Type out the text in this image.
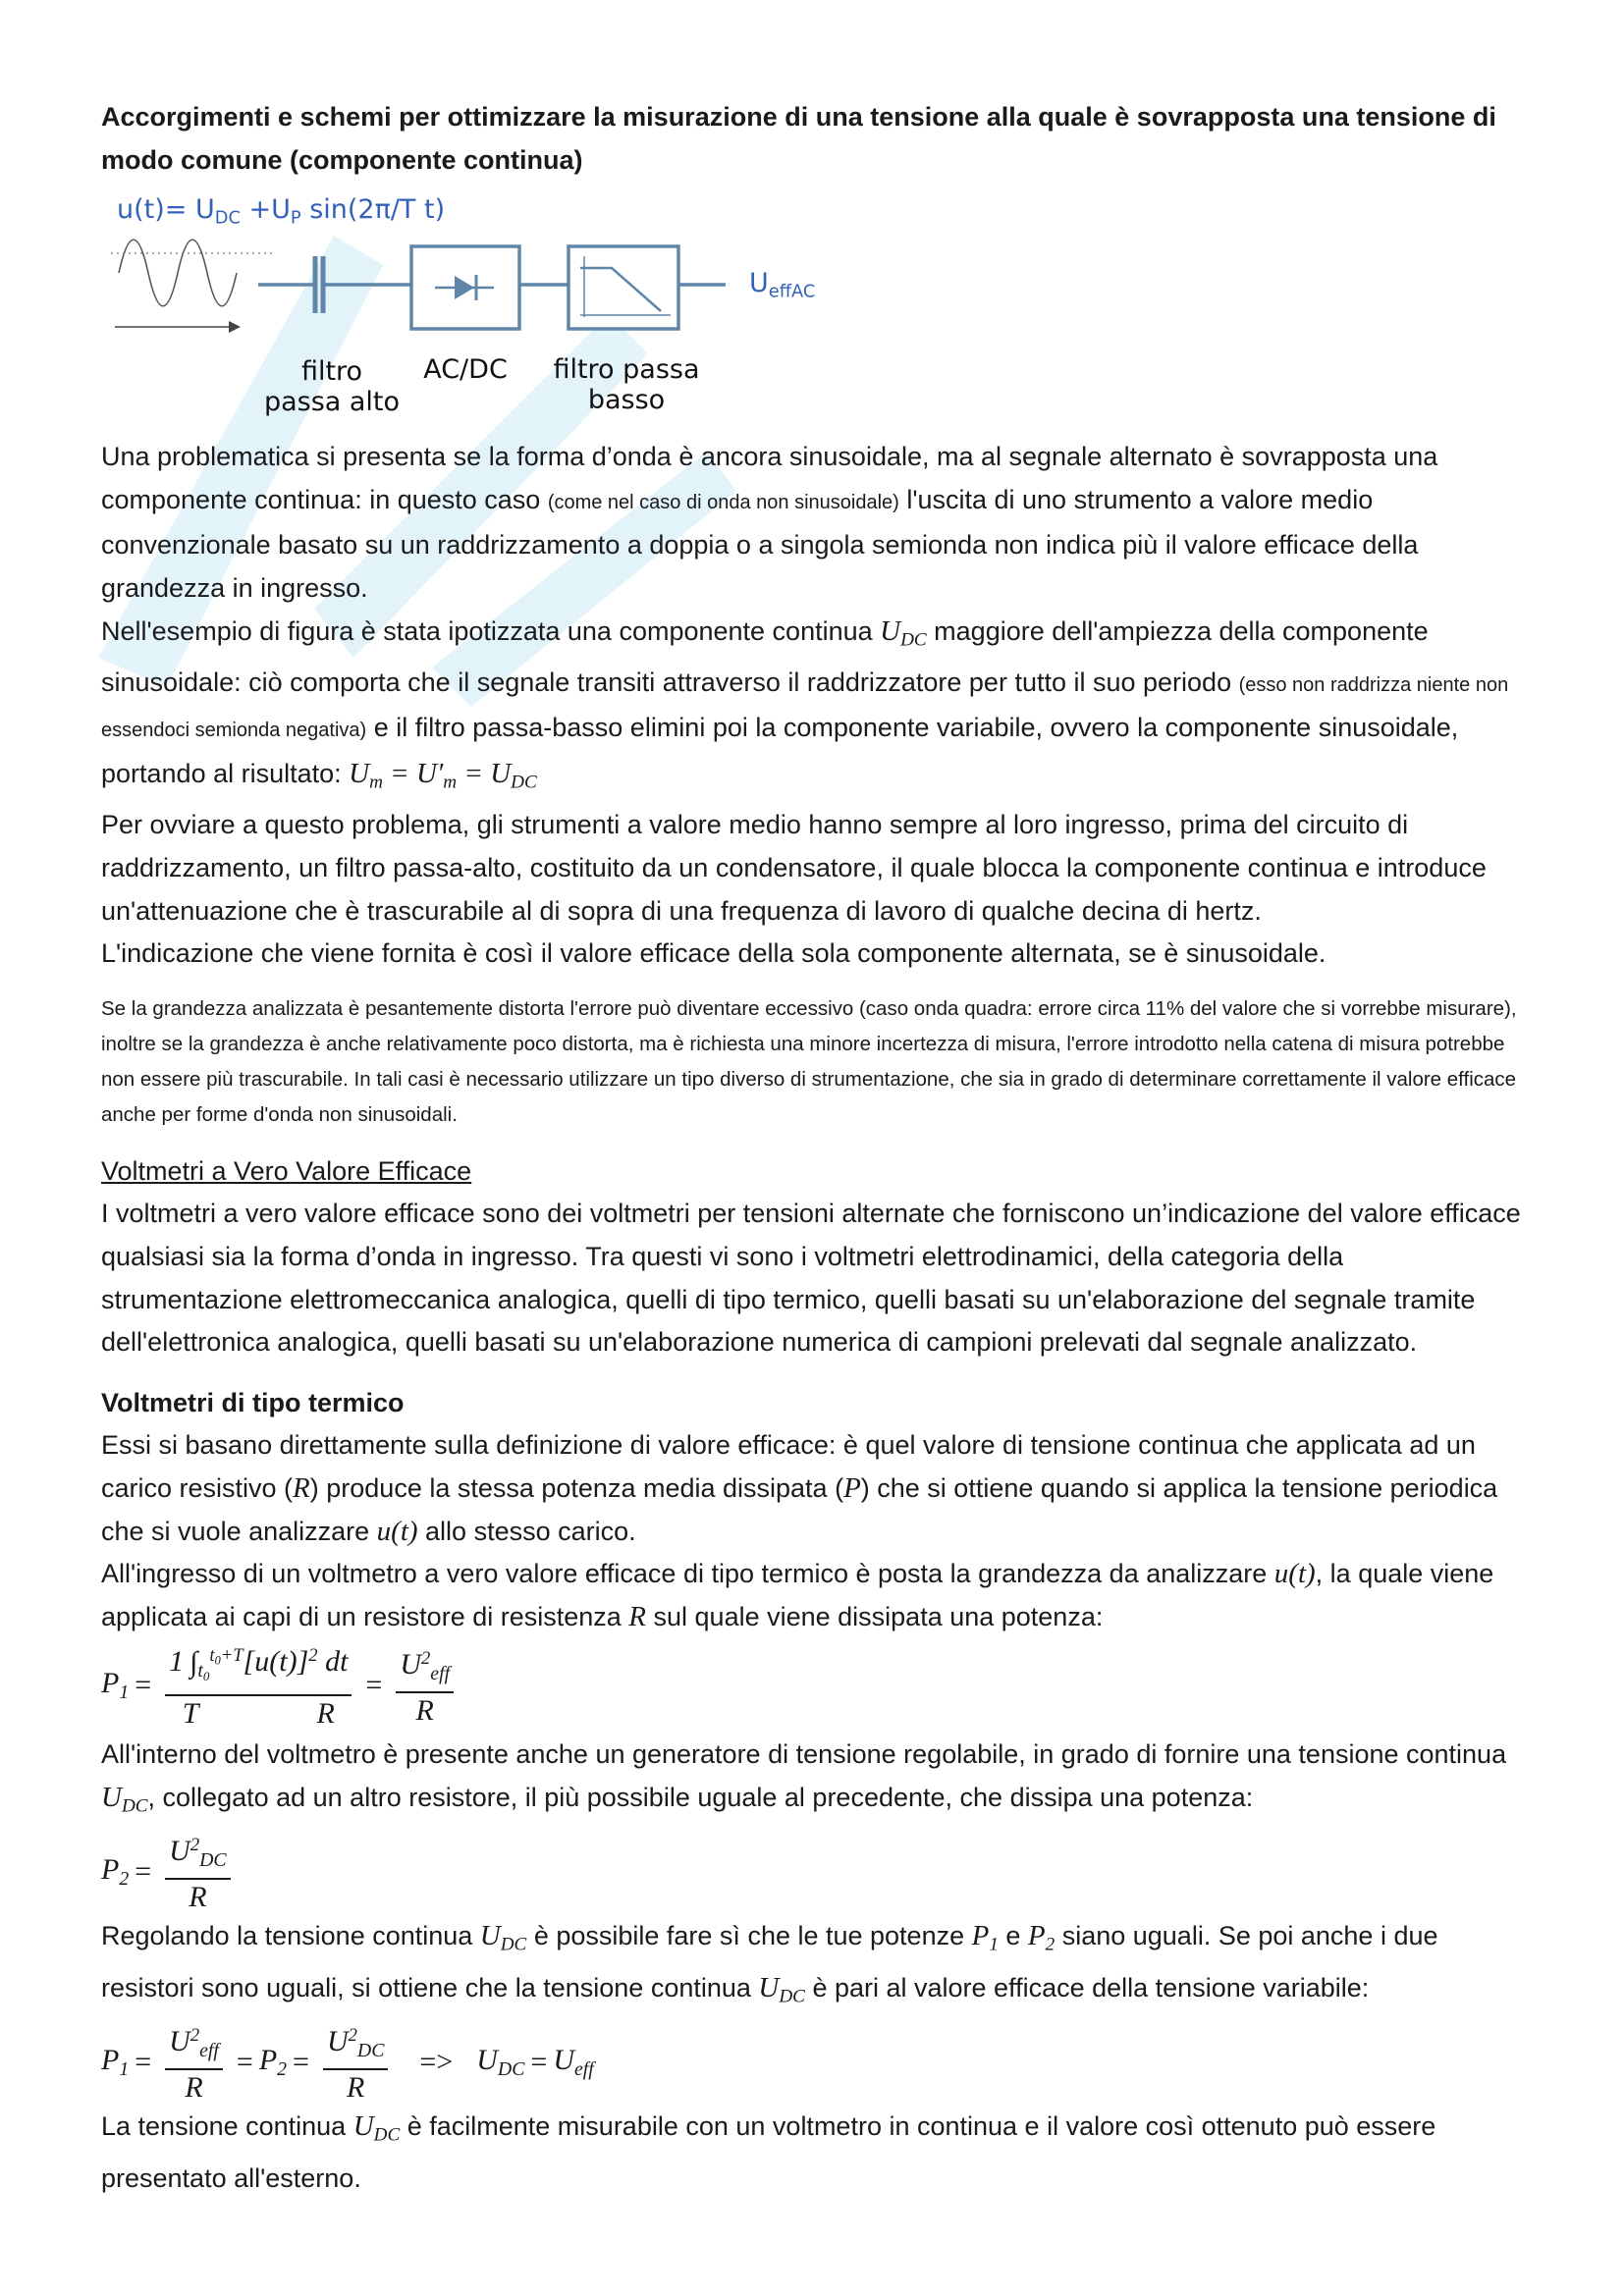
Accorgimenti e schemi per ottimizzare la misurazione di una tensione alla quale è sovrapposta una tensione di modo comune (componente continua)

$u(t)= U_{DC} +U_P$ sin(2π/T t)
$U_{effAC}$
filtro
passa alto
AC/DC	filtro passa
basso

Una problematica si presenta se la forma d’onda è ancora sinusoidale, ma al segnale alternato è sovrapposta una componente continua: in questo caso (come nel caso di onda non sinusoidale) l'uscita di uno strumento a valore medio convenzionale basato su un raddrizzamento a doppia o a singola semionda non indica più il valore efficace della grandezza in ingresso.

Nell'esempio di figura è stata ipotizzata una componente continua $U_{DC}$ maggiore dell'ampiezza della componente sinusoidale: ciò comporta che il segnale transiti attraverso il raddrizzatore per tutto il suo periodo (esso non raddrizza niente non essendoci semionda negativa) e il filtro passa-basso elimini poi la componente variabile, ovvero la componente sinusoidale, portando al risultato: $U_m = U'_m = U_{DC}$

Per ovviare a questo problema, gli strumenti a valore medio hanno sempre al loro ingresso, prima del circuito di raddrizzamento, un filtro passa-alto, costituito da un condensatore, il quale blocca la componente continua e introduce un'attenuazione che è trascurabile al di sopra di una frequenza di lavoro di qualche decina di hertz.

L'indicazione che viene fornita è così il valore efficace della sola componente alternata, se è sinusoidale.

Se la grandezza analizzata è pesantemente distorta l'errore può diventare eccessivo (caso onda quadra: errore circa 11% del valore che si vorrebbe misurare), inoltre se la grandezza è anche relativamente poco distorta, ma è richiesta una minore incertezza di misura, l'errore introdotto nella catena di misura potrebbe non essere più trascurabile. In tali casi è necessario utilizzare un tipo diverso di strumentazione, che sia in grado di determinare correttamente il valore efficace anche per forme d'onda non sinusoidali.

Voltmetri a Vero Valore Efficace

I voltmetri a vero valore efficace sono dei voltmetri per tensioni alternate che forniscono un’indicazione del valore efficace qualsiasi sia la forma d’onda in ingresso. Tra questi vi sono i voltmetri elettrodinamici, della categoria della strumentazione elettromeccanica analogica, quelli di tipo termico, quelli basati su un'elaborazione del segnale tramite dell'elettronica analogica, quelli basati su un'elaborazione numerica di campioni prelevati dal segnale analizzato.

Voltmetri di tipo termico

Essi si basano direttamente sulla definizione di valore efficace: è quel valore di tensione continua che applicata ad un carico resistivo (R) produce la stessa potenza media dissipata (P) che si ottiene quando si applica la tensione periodica che si vuole analizzare u(t) allo stesso carico.

All'ingresso di un voltmetro a vero valore efficace di tipo termico è posta la grandezza da analizzare u(t), la quale viene applicata ai capi di un resistore di resistenza R sul quale viene dissipata una potenza:

$P_1 = 1$ $\int_{t_0}^{t_0+T}[u(t)]^2$ dt
T	$R = \frac{U^2_{eff}}{R}$

All'interno del voltmetro è presente anche un generatore di tensione regolabile, in grado di fornire una tensione continua $U_{DC}$, collegato ad un altro resistore, il più possibile uguale al precedente, che dissipa una potenza:

$P_2 = \frac{U^2_{DC}}{R}$

Regolando la tensione continua $U_{DC}$ è possibile fare sì che le tue potenze $P_1$ e $P_2$ siano uguali. Se poi anche i due resistori sono uguali, si ottiene che la tensione continua $U_{DC}$ è pari al valore efficace della tensione variabile:

$P_1 = \frac{U^2_{eff}}{R} = P_2 = \frac{U^2_{DC}}{R} => U_{DC} = U_{eff}$

La tensione continua $U_{DC}$ è facilmente misurabile con un voltmetro in continua e il valore così ottenuto può essere presentato all'esterno.
